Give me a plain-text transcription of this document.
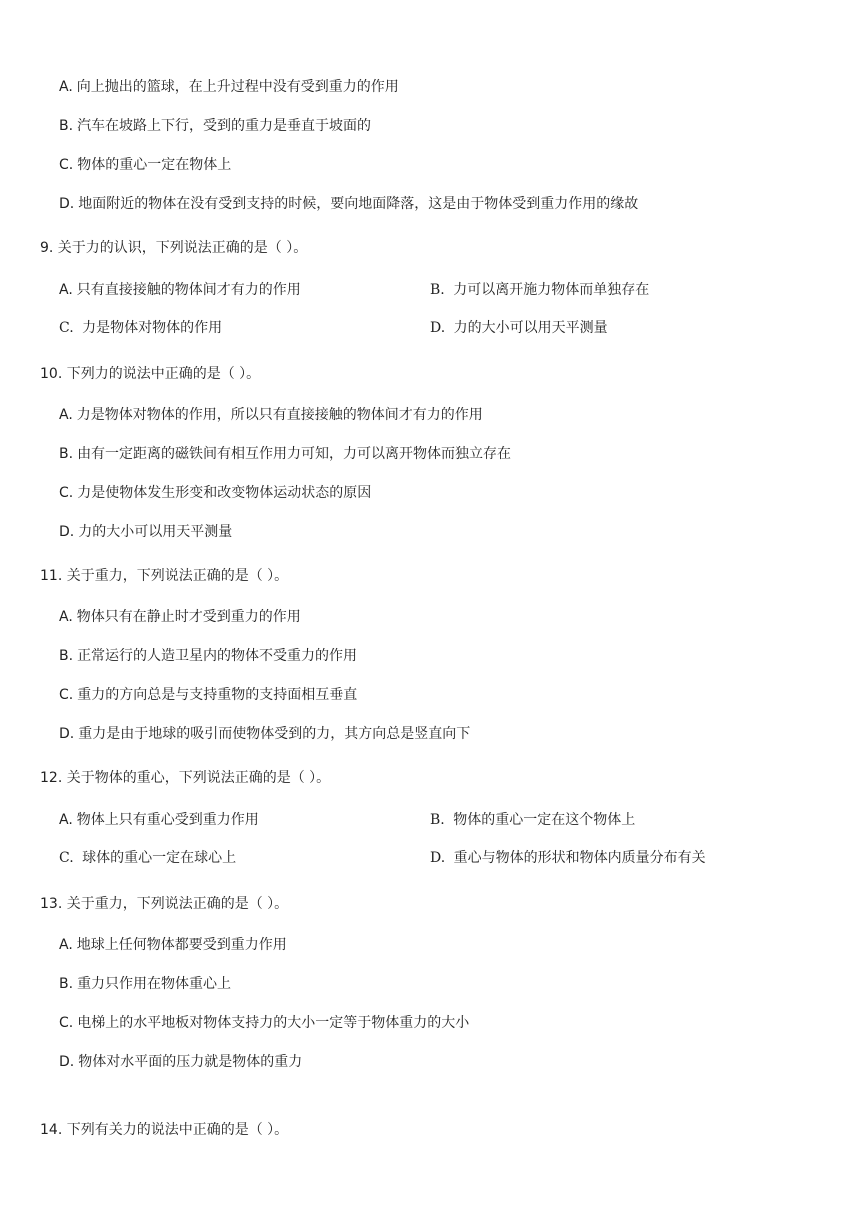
A. 向上抛出的篮球，在上升过程中没有受到重力的作用
B. 汽车在坡路上下行，受到的重力是垂直于坡面的
C. 物体的重心一定在物体上
D. 地面附近的物体在没有受到支持的时候，要向地面降落，这是由于物体受到重力作用的缘故
9. 关于力的认识，下列说法正确的是（ ）。
A. 只有直接接触的物体间才有力的作用	B. 力可以离开施力物体而单独存在
C. 力是物体对物体的作用	D. 力的大小可以用天平测量
10. 下列力的说法中正确的是（ ）。
A. 力是物体对物体的作用，所以只有直接接触的物体间才有力的作用
B. 由有一定距离的磁铁间有相互作用力可知，力可以离开物体而独立存在
C. 力是使物体发生形变和改变物体运动状态的原因
D. 力的大小可以用天平测量
11. 关于重力，下列说法正确的是（ ）。
A. 物体只有在静止时才受到重力的作用
B. 正常运行的人造卫星内的物体不受重力的作用
C. 重力的方向总是与支持重物的支持面相互垂直
D. 重力是由于地球的吸引而使物体受到的力，其方向总是竖直向下
12. 关于物体的重心，下列说法正确的是（ ）。
A. 物体上只有重心受到重力作用	B. 物体的重心一定在这个物体上
C. 球体的重心一定在球心上	D. 重心与物体的形状和物体内质量分布有关
13. 关于重力，下列说法正确的是（ ）。
A. 地球上任何物体都要受到重力作用
B. 重力只作用在物体重心上
C. 电梯上的水平地板对物体支持力的大小一定等于物体重力的大小
D. 物体对水平面的压力就是物体的重力
14. 下列有关力的说法中正确的是（ ）。
